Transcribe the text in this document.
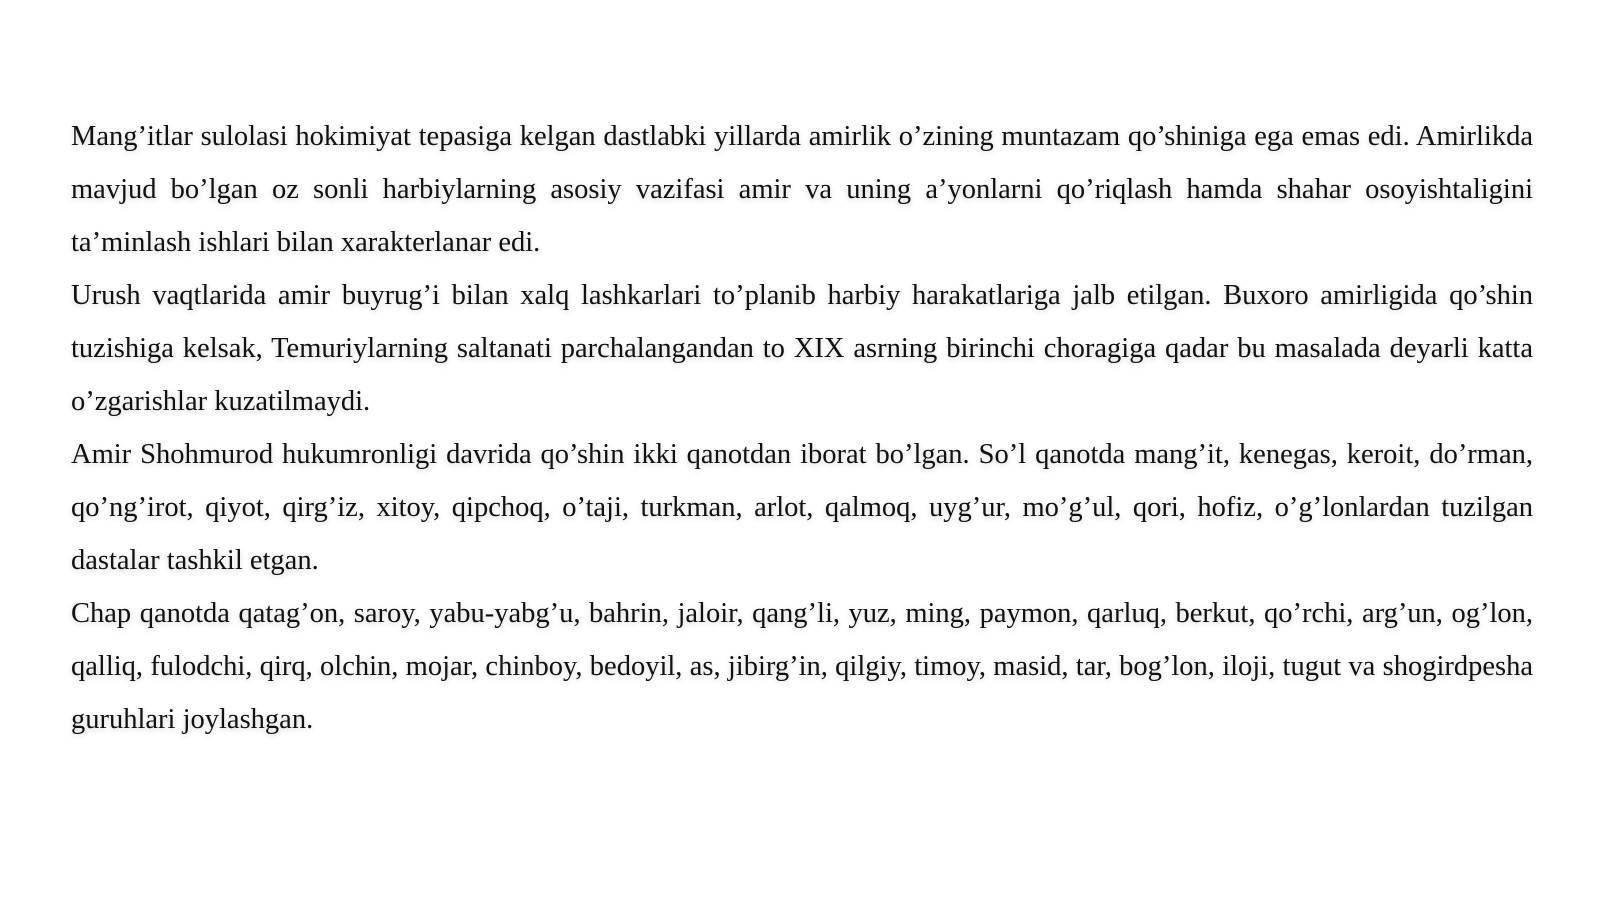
Mang’itlar sulolasi hokimiyat tepasiga kelgan dastlabki yillarda amirlik o’zining muntazam qo’shiniga ega emas edi. Amirlikda mavjud bo’lgan oz sonli harbiylarning asosiy vazifasi amir va uning a’yonlarni qo’riqlash hamda shahar osoyishtaligini ta’minlash ishlari bilan xarakterlanar edi.

Urush vaqtlarida amir buyrug’i bilan xalq lashkarlari to’planib harbiy harakatlariga jalb etilgan. Buxoro amirligida qo’shin tuzishiga kelsak, Temuriylarning saltanati parchalangandan to XIX asrning birinchi choragiga qadar bu masalada deyarli katta o’zgarishlar kuzatilmaydi.

Amir Shohmurod hukumronligi davrida qo’shin ikki qanotdan iborat bo’lgan. So’l qanotda mang’it, kenegas, keroit, do’rman, qo’ng’irot, qiyot, qirg’iz, xitoy, qipchoq, o’taji, turkman, arlot, qalmoq, uyg’ur, mo’g’ul, qori, hofiz, o’g’lonlardan tuzilgan dastalar tashkil etgan.

Chap qanotda qatag’on, saroy, yabu-yabg’u, bahrin, jaloir, qang’li, yuz, ming, paymon, qarluq, berkut, qo’rchi, arg’un, og’lon, qalliq, fulodchi, qirq, olchin, mojar, chinboy, bedoyil, as, jibirg’in, qilgiy, timoy, masid, tar, bog’lon, iloji, tugut va shogirdpesha guruhlari joylashgan.
